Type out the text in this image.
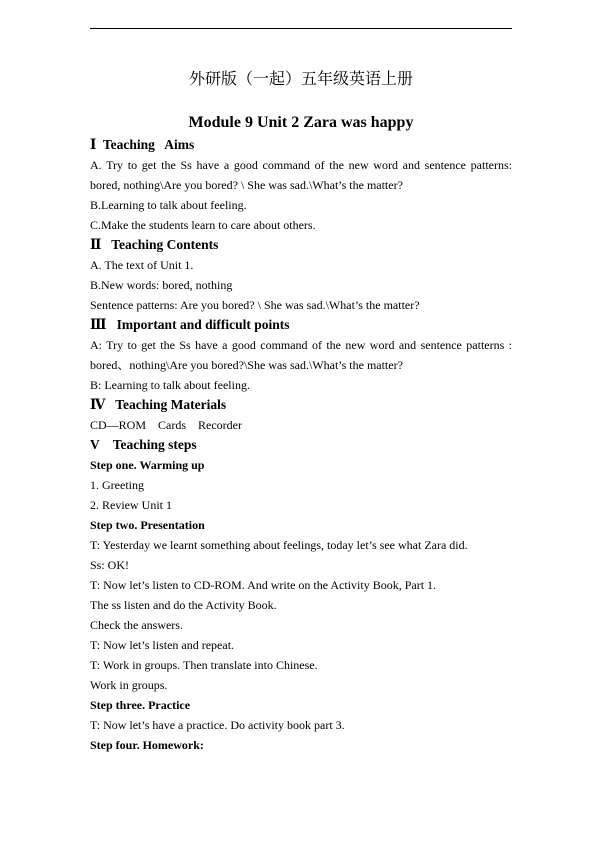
外研版（一起）五年级英语上册
Module 9 Unit 2 Zara was happy
Ⅰ  Teaching   Aims
A. Try to get the Ss have a good command of the new word and sentence patterns:
bored, nothing\Are you bored? \ She was sad.\What’s the matter?
B.Learning to talk about feeling.
C.Make the students learn to care about others.
Ⅱ   Teaching Contents
A. The text of Unit 1.
B.New words: bored, nothing
Sentence patterns: Are you bored? \ She was sad.\What’s the matter?
Ⅲ   Important and difficult points
A: Try to get the Ss have a good command of the new word and sentence patterns :
bored、nothing\Are you bored?\She was sad.\What’s the matter?
B: Learning to talk about feeling.
Ⅳ   Teaching Materials
CD—ROM    Cards    Recorder
V    Teaching steps
Step one. Warming up
1. Greeting
2. Review Unit 1
Step two. Presentation
T: Yesterday we learnt something about feelings, today let’s see what Zara did.
Ss: OK!
T: Now let’s listen to CD-ROM. And write on the Activity Book, Part 1.
The ss listen and do the Activity Book.
Check the answers.
T: Now let’s listen and repeat.
T: Work in groups. Then translate into Chinese.
Work in groups.
Step three. Practice
T: Now let’s have a practice. Do activity book part 3.
Step four. Homework:
